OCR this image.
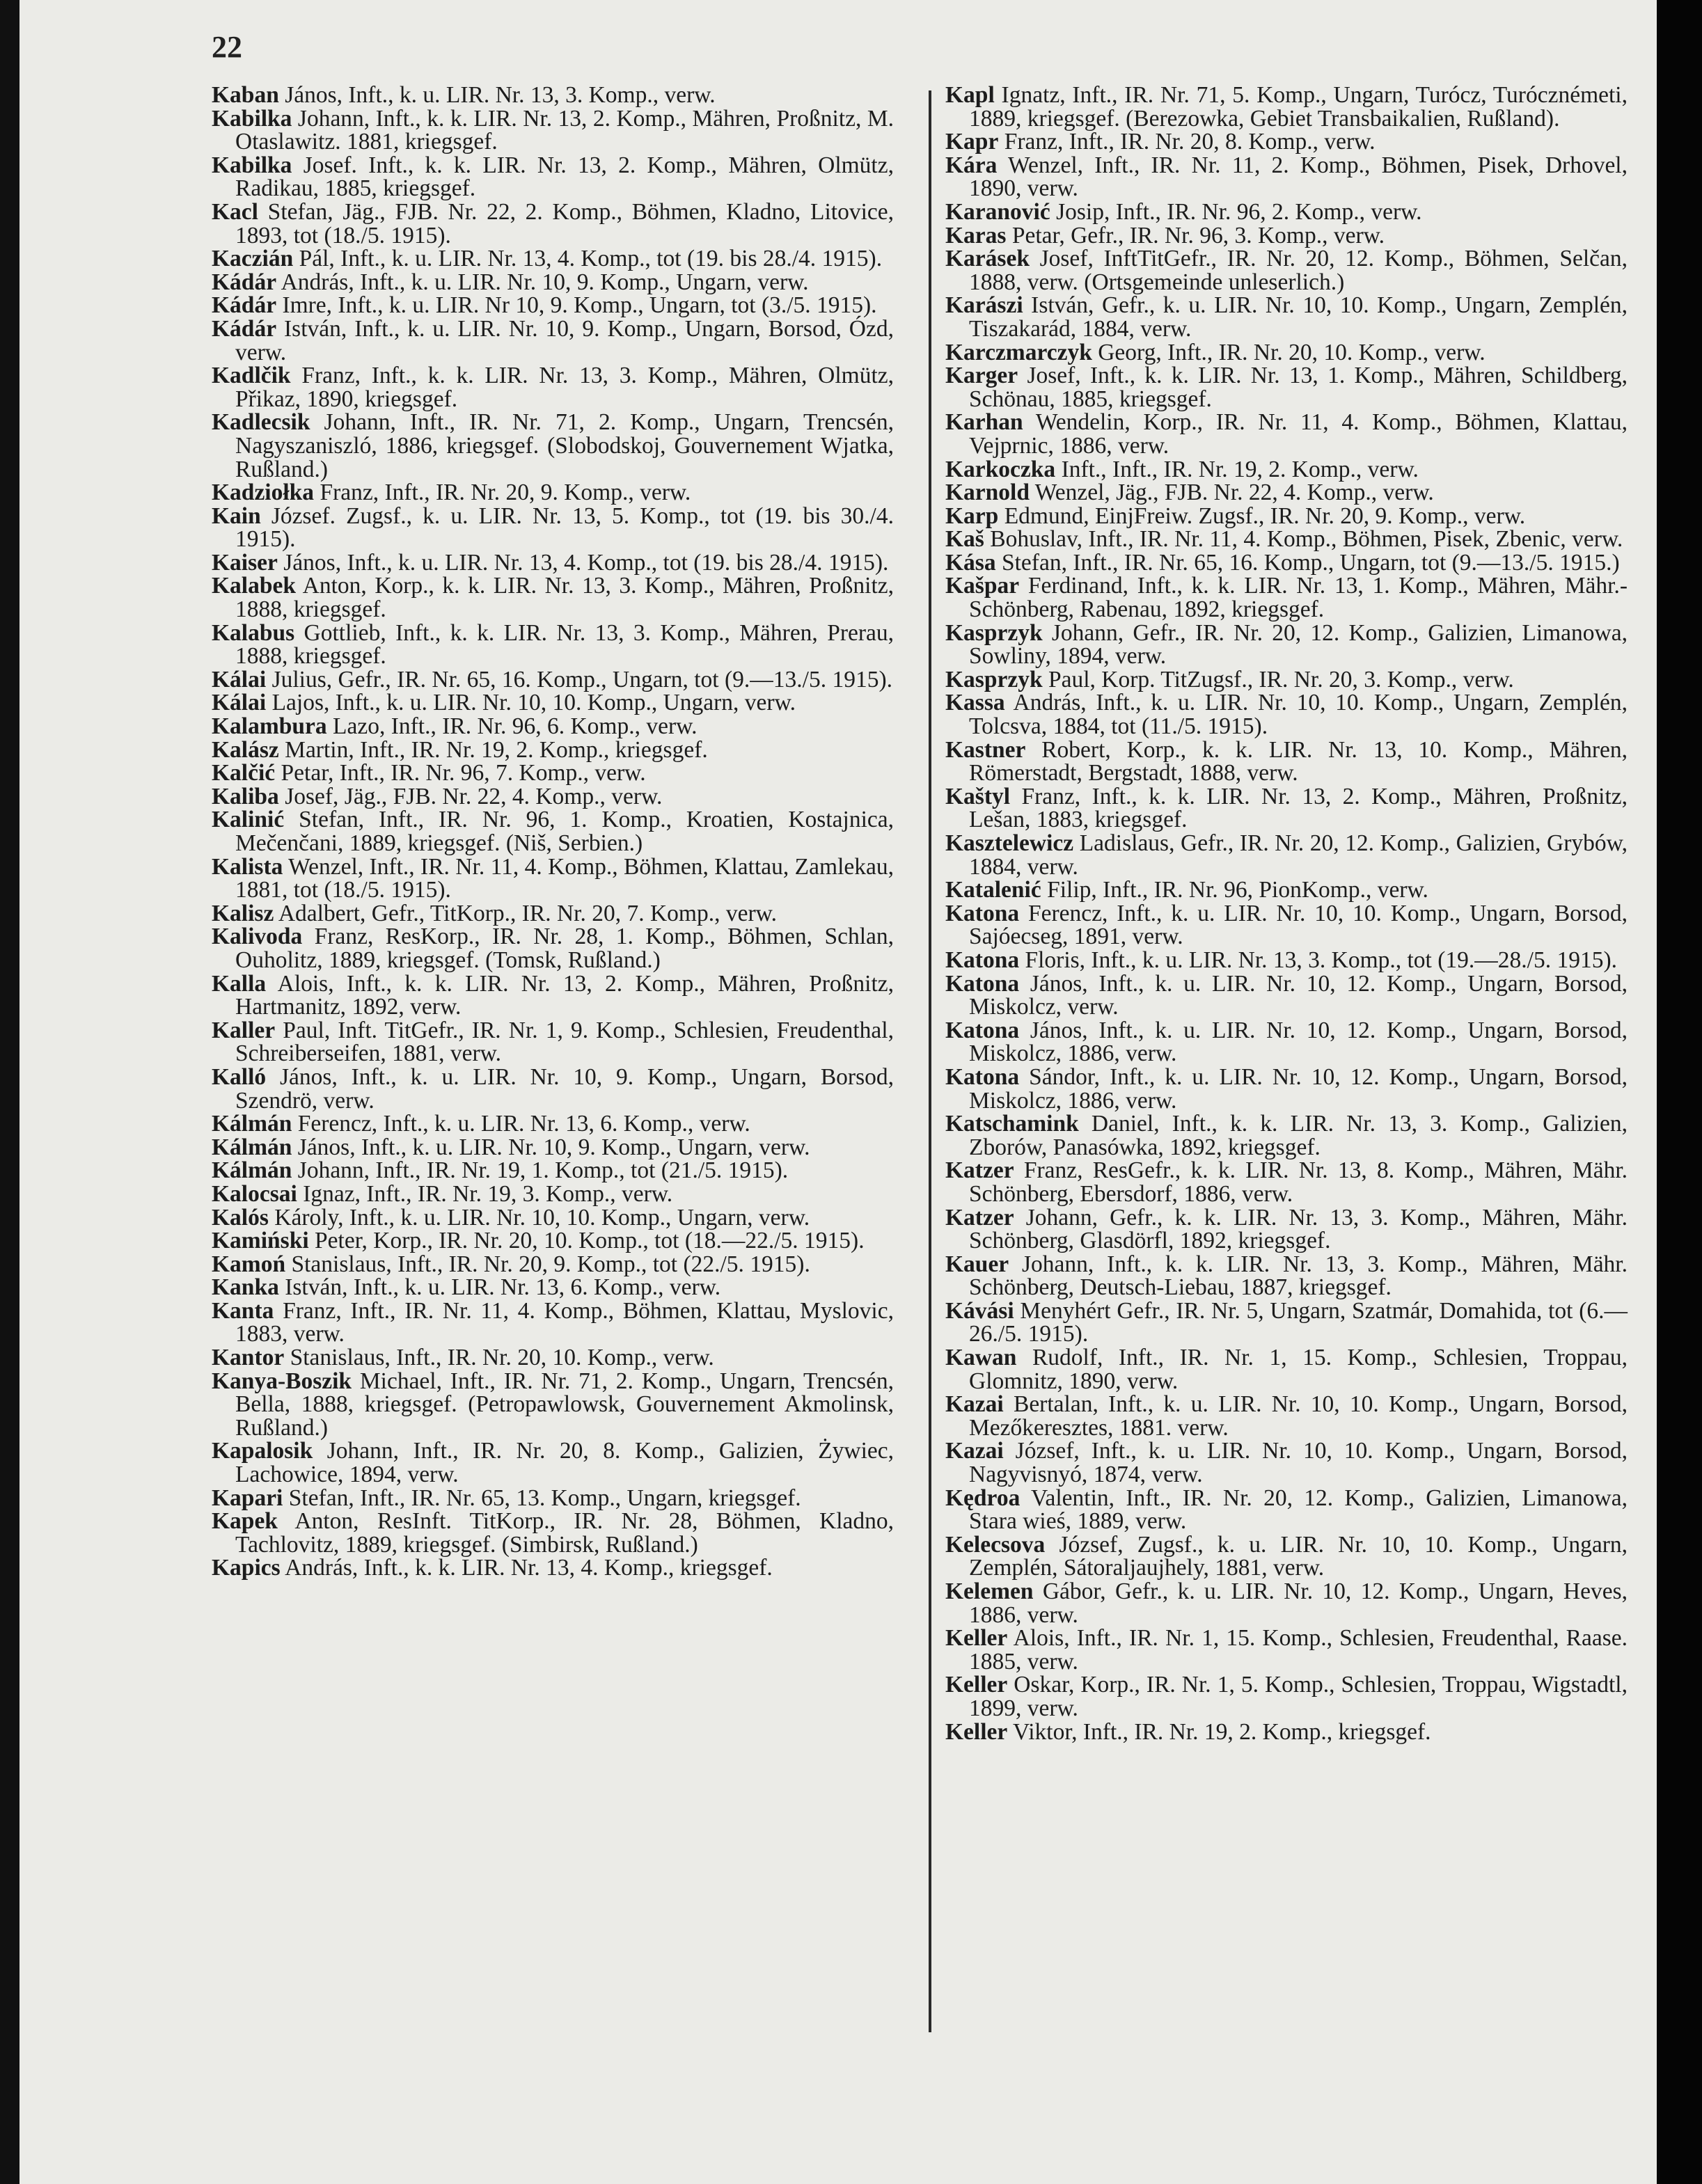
22

Kaban János, Inft., k. u. LIR. Nr. 13, 3. Komp., verw.

Kabilka Johann, Inft., k. k. LIR. Nr. 13, 2. Komp., Mähren, Proßnitz, M. Otaslawitz. 1881, kriegsgef.

Kabilka Josef. Inft., k. k. LIR. Nr. 13, 2. Komp., Mähren, Olmütz, Radikau, 1885, kriegsgef.

Kacl Stefan, Jäg., FJB. Nr. 22, 2. Komp., Böhmen, Kladno, Litovice, 1893, tot (18./5. 1915).

Kaczián Pál, Inft., k. u. LIR. Nr. 13, 4. Komp., tot (19. bis 28./4. 1915).

Kádár András, Inft., k. u. LIR. Nr. 10, 9. Komp., Ungarn, verw.

Kádár Imre, Inft., k. u. LIR. Nr 10, 9. Komp., Ungarn, tot (3./5. 1915).

Kádár István, Inft., k. u. LIR. Nr. 10, 9. Komp., Ungarn, Borsod, Ózd, verw.

Kadlčik Franz, Inft., k. k. LIR. Nr. 13, 3. Komp., Mähren, Olmütz, Přikaz, 1890, kriegsgef.

Kadlecsik Johann, Inft., IR. Nr. 71, 2. Komp., Ungarn, Trencsén, Nagyszaniszló, 1886, kriegsgef. (Slobodskoj, Gouvernement Wjatka, Rußland.)

Kadziołka Franz, Inft., IR. Nr. 20, 9. Komp., verw.

Kain József. Zugsf., k. u. LIR. Nr. 13, 5. Komp., tot (19. bis 30./4. 1915).

Kaiser János, Inft., k. u. LIR. Nr. 13, 4. Komp., tot (19. bis 28./4. 1915).

Kalabek Anton, Korp., k. k. LIR. Nr. 13, 3. Komp., Mähren, Proßnitz, 1888, kriegsgef.

Kalabus Gottlieb, Inft., k. k. LIR. Nr. 13, 3. Komp., Mähren, Prerau, 1888, kriegsgef.

Kálai Julius, Gefr., IR. Nr. 65, 16. Komp., Ungarn, tot (9.—13./5. 1915).

Kálai Lajos, Inft., k. u. LIR. Nr. 10, 10. Komp., Ungarn, verw.

Kalambura Lazo, Inft., IR. Nr. 96, 6. Komp., verw.

Kalász Martin, Inft., IR. Nr. 19, 2. Komp., kriegsgef.

Kalčić Petar, Inft., IR. Nr. 96, 7. Komp., verw.

Kaliba Josef, Jäg., FJB. Nr. 22, 4. Komp., verw.

Kalinić Stefan, Inft., IR. Nr. 96, 1. Komp., Kroatien, Kostajnica, Mečenčani, 1889, kriegsgef. (Niš, Serbien.)

Kalista Wenzel, Inft., IR. Nr. 11, 4. Komp., Böhmen, Klattau, Zamlekau, 1881, tot (18./5. 1915).

Kalisz Adalbert, Gefr., TitKorp., IR. Nr. 20, 7. Komp., verw.

Kalivoda Franz, ResKorp., IR. Nr. 28, 1. Komp., Böhmen, Schlan, Ouholitz, 1889, kriegsgef. (Tomsk, Rußland.)

Kalla Alois, Inft., k. k. LIR. Nr. 13, 2. Komp., Mähren, Proßnitz, Hartmanitz, 1892, verw.

Kaller Paul, Inft. TitGefr., IR. Nr. 1, 9. Komp., Schlesien, Freudenthal, Schreiberseifen, 1881, verw.

Kalló János, Inft., k. u. LIR. Nr. 10, 9. Komp., Ungarn, Borsod, Szendrö, verw.

Kálmán Ferencz, Inft., k. u. LIR. Nr. 13, 6. Komp., verw.

Kálmán János, Inft., k. u. LIR. Nr. 10, 9. Komp., Ungarn, verw.

Kálmán Johann, Inft., IR. Nr. 19, 1. Komp., tot (21./5. 1915).

Kalocsai Ignaz, Inft., IR. Nr. 19, 3. Komp., verw.

Kalós Károly, Inft., k. u. LIR. Nr. 10, 10. Komp., Ungarn, verw.

Kamiński Peter, Korp., IR. Nr. 20, 10. Komp., tot (18.—22./5. 1915).

Kamoń Stanislaus, Inft., IR. Nr. 20, 9. Komp., tot (22./5. 1915).

Kanka István, Inft., k. u. LIR. Nr. 13, 6. Komp., verw.

Kanta Franz, Inft., IR. Nr. 11, 4. Komp., Böhmen, Klattau, Myslovic, 1883, verw.

Kantor Stanislaus, Inft., IR. Nr. 20, 10. Komp., verw.

Kanya-Boszik Michael, Inft., IR. Nr. 71, 2. Komp., Ungarn, Trencsén, Bella, 1888, kriegsgef. (Petropawlowsk, Gouvernement Akmolinsk, Rußland.)

Kapalosik Johann, Inft., IR. Nr. 20, 8. Komp., Galizien, Żywiec, Lachowice, 1894, verw.

Kapari Stefan, Inft., IR. Nr. 65, 13. Komp., Ungarn, kriegsgef.

Kapek Anton, ResInft. TitKorp., IR. Nr. 28, Böhmen, Kladno, Tachlovitz, 1889, kriegsgef. (Simbirsk, Rußland.)

Kapics András, Inft., k. k. LIR. Nr. 13, 4. Komp., kriegsgef.

Kapl Ignatz, Inft., IR. Nr. 71, 5. Komp., Ungarn, Turócz, Turócznémeti, 1889, kriegsgef. (Berezowka, Gebiet Transbaikalien, Rußland).

Kapr Franz, Inft., IR. Nr. 20, 8. Komp., verw.

Kára Wenzel, Inft., IR. Nr. 11, 2. Komp., Böhmen, Pisek, Drhovel, 1890, verw.

Karanović Josip, Inft., IR. Nr. 96, 2. Komp., verw.

Karas Petar, Gefr., IR. Nr. 96, 3. Komp., verw.

Karásek Josef, InftTitGefr., IR. Nr. 20, 12. Komp., Böhmen, Selčan, 1888, verw. (Ortsgemeinde unleserlich.)

Karászi István, Gefr., k. u. LIR. Nr. 10, 10. Komp., Ungarn, Zemplén, Tiszakarád, 1884, verw.

Karczmarczyk Georg, Inft., IR. Nr. 20, 10. Komp., verw.

Karger Josef, Inft., k. k. LIR. Nr. 13, 1. Komp., Mähren, Schildberg, Schönau, 1885, kriegsgef.

Karhan Wendelin, Korp., IR. Nr. 11, 4. Komp., Böhmen, Klattau, Vejprnic, 1886, verw.

Karkoczka Inft., Inft., IR. Nr. 19, 2. Komp., verw.

Karnold Wenzel, Jäg., FJB. Nr. 22, 4. Komp., verw.

Karp Edmund, EinjFreiw. Zugsf., IR. Nr. 20, 9. Komp., verw.

Kaš Bohuslav, Inft., IR. Nr. 11, 4. Komp., Böhmen, Pisek, Zbenic, verw.

Kása Stefan, Inft., IR. Nr. 65, 16. Komp., Ungarn, tot (9.—13./5. 1915.)

Kašpar Ferdinand, Inft., k. k. LIR. Nr. 13, 1. Komp., Mähren, Mähr.-Schönberg, Rabenau, 1892, kriegsgef.

Kasprzyk Johann, Gefr., IR. Nr. 20, 12. Komp., Galizien, Limanowa, Sowliny, 1894, verw.

Kasprzyk Paul, Korp. TitZugsf., IR. Nr. 20, 3. Komp., verw.

Kassa András, Inft., k. u. LIR. Nr. 10, 10. Komp., Ungarn, Zemplén, Tolcsva, 1884, tot (11./5. 1915).

Kastner Robert, Korp., k. k. LIR. Nr. 13, 10. Komp., Mähren, Römerstadt, Bergstadt, 1888, verw.

Kaštyl Franz, Inft., k. k. LIR. Nr. 13, 2. Komp., Mähren, Proßnitz, Lešan, 1883, kriegsgef.

Kasztelewicz Ladislaus, Gefr., IR. Nr. 20, 12. Komp., Galizien, Grybów, 1884, verw.

Katalenić Filip, Inft., IR. Nr. 96, PionKomp., verw.

Katona Ferencz, Inft., k. u. LIR. Nr. 10, 10. Komp., Ungarn, Borsod, Sajóecseg, 1891, verw.

Katona Floris, Inft., k. u. LIR. Nr. 13, 3. Komp., tot (19.—28./5. 1915).

Katona János, Inft., k. u. LIR. Nr. 10, 12. Komp., Ungarn, Borsod, Miskolcz, verw.

Katona János, Inft., k. u. LIR. Nr. 10, 12. Komp., Ungarn, Borsod, Miskolcz, 1886, verw.

Katona Sándor, Inft., k. u. LIR. Nr. 10, 12. Komp., Ungarn, Borsod, Miskolcz, 1886, verw.

Katschamink Daniel, Inft., k. k. LIR. Nr. 13, 3. Komp., Galizien, Zborów, Panasówka, 1892, kriegsgef.

Katzer Franz, ResGefr., k. k. LIR. Nr. 13, 8. Komp., Mähren, Mähr. Schönberg, Ebersdorf, 1886, verw.

Katzer Johann, Gefr., k. k. LIR. Nr. 13, 3. Komp., Mähren, Mähr. Schönberg, Glasdörfl, 1892, kriegsgef.

Kauer Johann, Inft., k. k. LIR. Nr. 13, 3. Komp., Mähren, Mähr. Schönberg, Deutsch-Liebau, 1887, kriegsgef.

Kávási Menyhért Gefr., IR. Nr. 5, Ungarn, Szatmár, Domahida, tot (6.—26./5. 1915).

Kawan Rudolf, Inft., IR. Nr. 1, 15. Komp., Schlesien, Troppau, Glomnitz, 1890, verw.

Kazai Bertalan, Inft., k. u. LIR. Nr. 10, 10. Komp., Ungarn, Borsod, Mezőkeresztes, 1881. verw.

Kazai József, Inft., k. u. LIR. Nr. 10, 10. Komp., Ungarn, Borsod, Nagyvisnyó, 1874, verw.

Kędroa Valentin, Inft., IR. Nr. 20, 12. Komp., Galizien, Limanowa, Stara wieś, 1889, verw.

Kelecsova József, Zugsf., k. u. LIR. Nr. 10, 10. Komp., Ungarn, Zemplén, Sátoraljaujhely, 1881, verw.

Kelemen Gábor, Gefr., k. u. LIR. Nr. 10, 12. Komp., Ungarn, Heves, 1886, verw.

Keller Alois, Inft., IR. Nr. 1, 15. Komp., Schlesien, Freudenthal, Raase. 1885, verw.

Keller Oskar, Korp., IR. Nr. 1, 5. Komp., Schlesien, Troppau, Wigstadtl, 1899, verw.

Keller Viktor, Inft., IR. Nr. 19, 2. Komp., kriegsgef.
